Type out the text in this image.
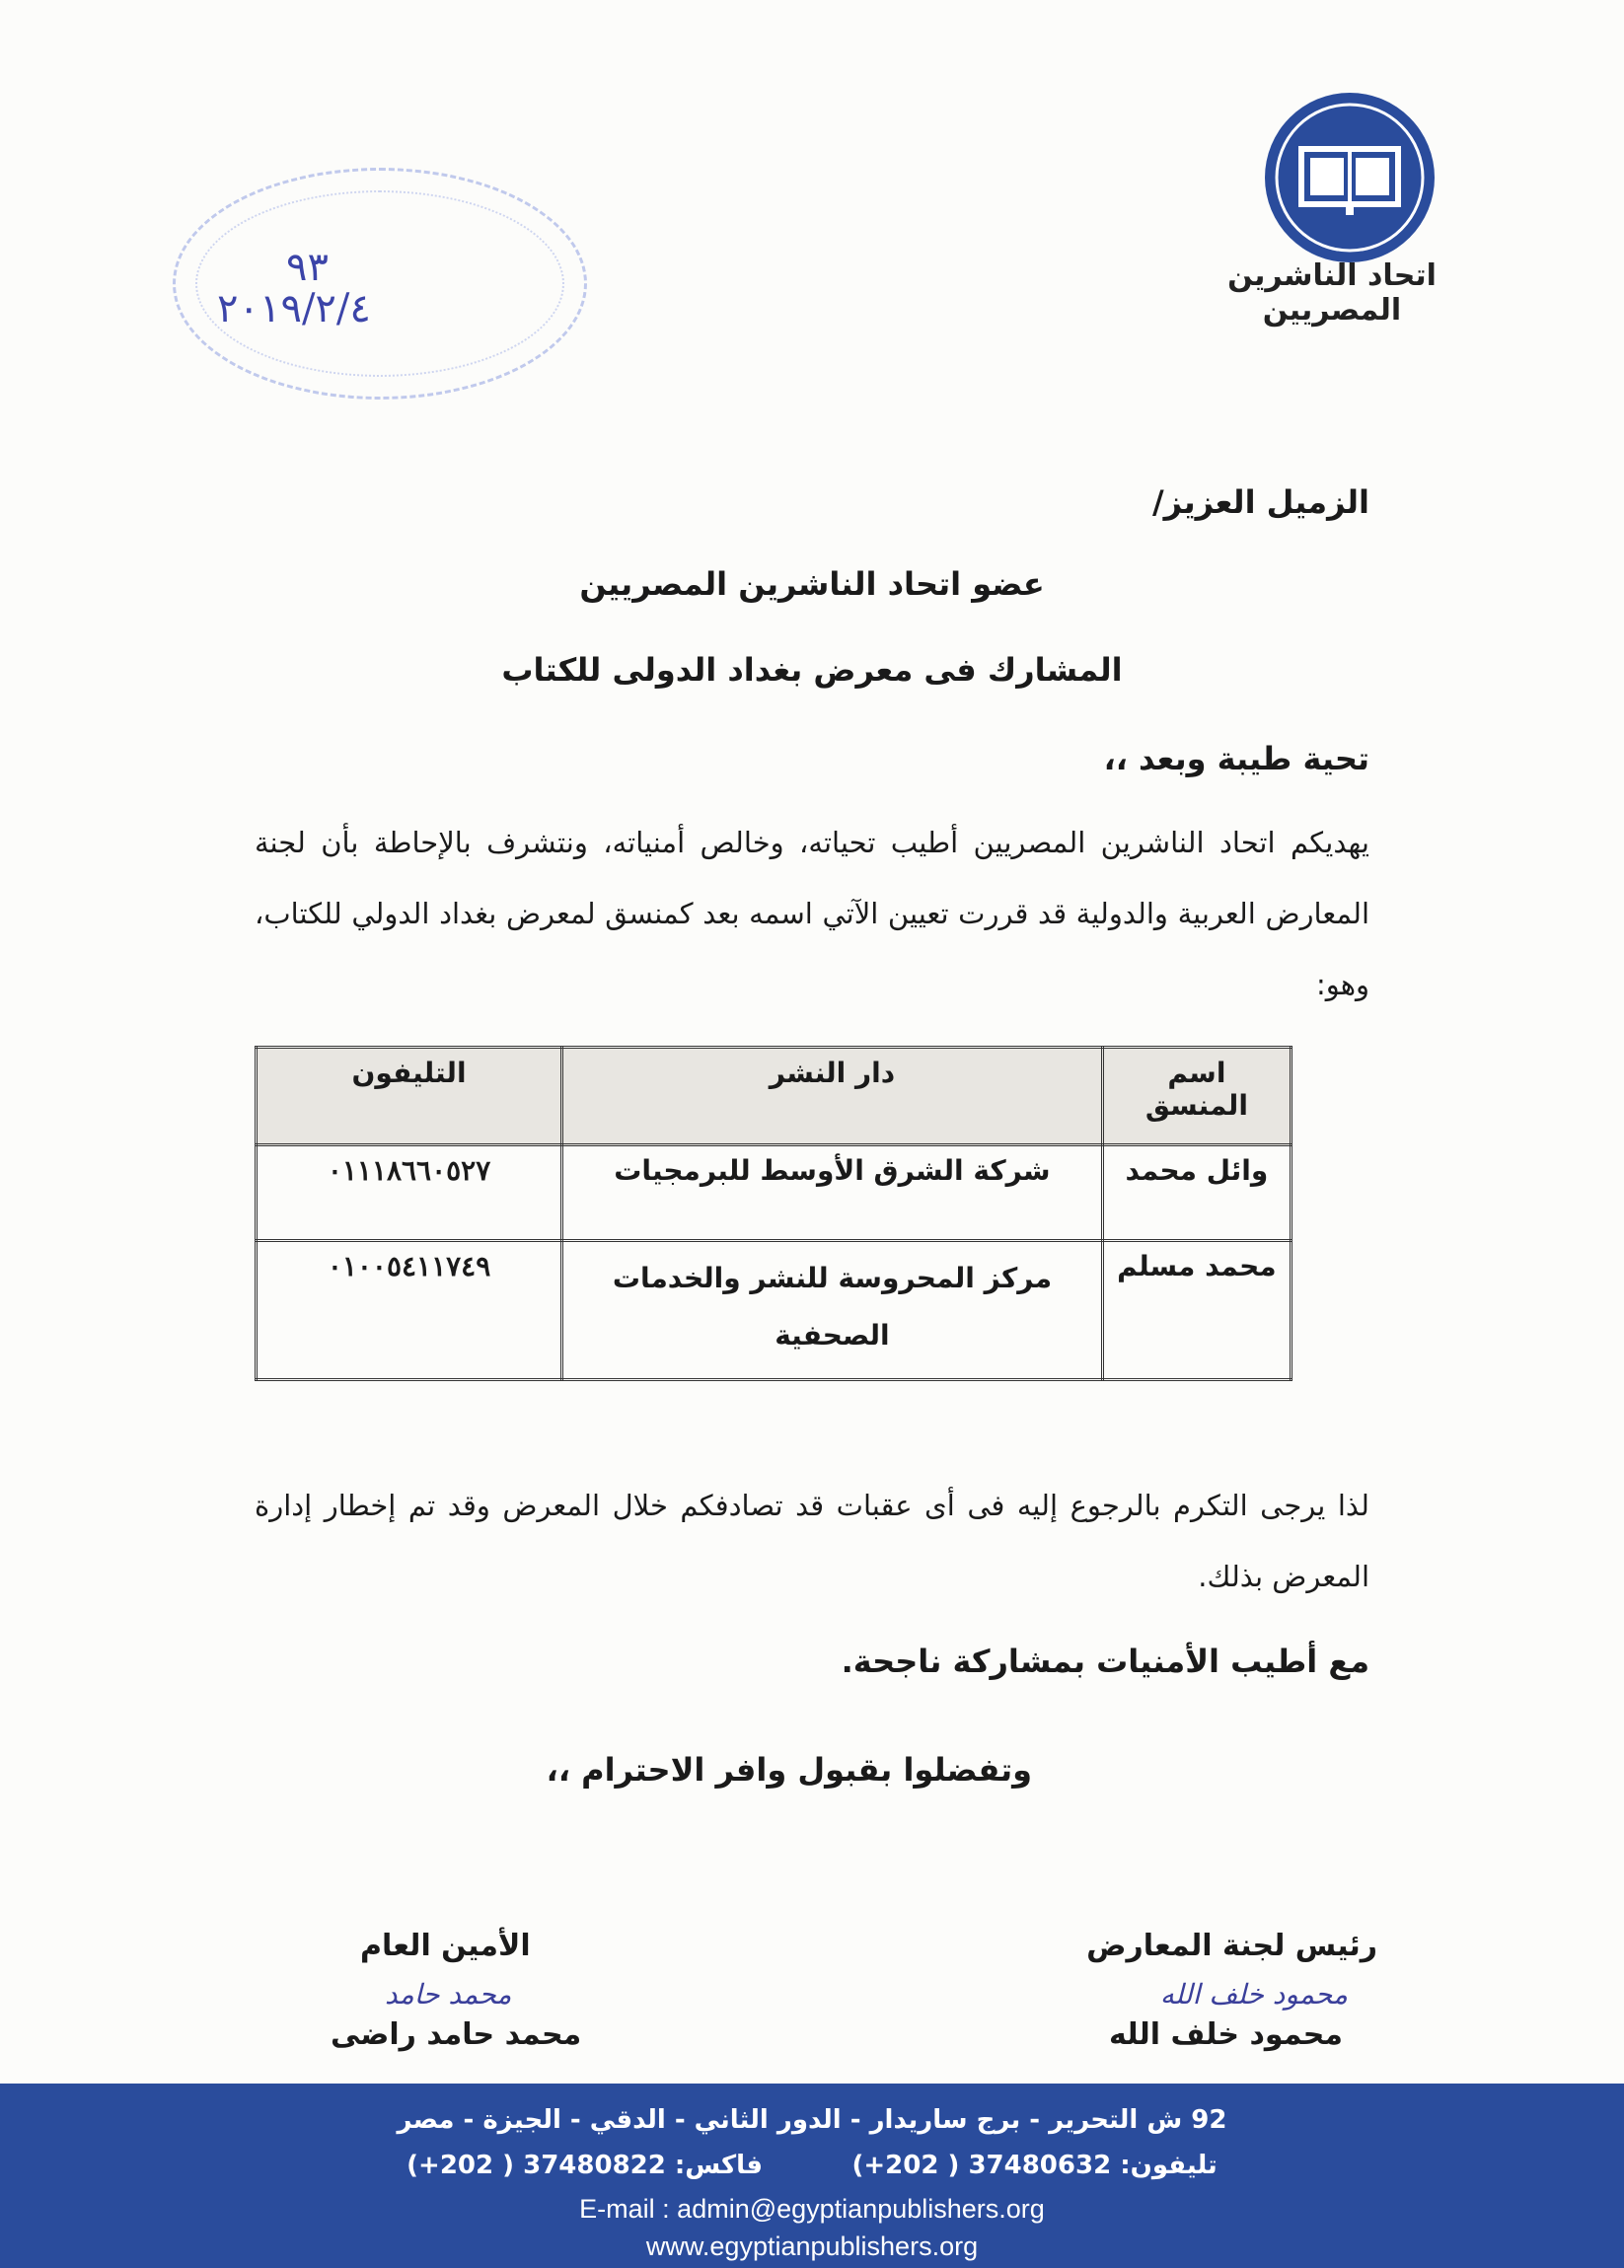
اتحاد الناشرين المصريين
٩٣
٢٠١٩/٢/٤
الزميل العزيز/
عضو اتحاد الناشرين المصريين
المشارك فى معرض بغداد الدولى للكتاب
تحية طيبة وبعد ،،
يهديكم اتحاد الناشرين المصريين أطيب تحياته، وخالص أمنياته، ونتشرف بالإحاطة بأن لجنة المعارض العربية والدولية قد قررت تعيين الآتي اسمه بعد كمنسق لمعرض بغداد الدولي للكتاب، وهو:
اسم المنسق	دار النشر	التليفون
وائل محمد	شركة الشرق الأوسط للبرمجيات	٠١١١٨٦٦٠٥٢٧
محمد مسلم	مركز المحروسة للنشر والخدمات الصحفية	٠١٠٠٥٤١١٧٤٩
لذا يرجى التكرم بالرجوع إليه فى أى عقبات قد تصادفكم خلال المعرض وقد تم إخطار إدارة المعرض بذلك.
مع أطيب الأمنيات بمشاركة ناجحة.
وتفضلوا بقبول وافر الاحترام ،،
رئيس لجنة المعارض
محمود خلف الله
محمود خلف الله
الأمين العام
محمد حامد
محمد حامد راضى
92 ش التحرير - برج ساريدار - الدور الثاني - الدقي - الجيزة - مصر
تليفون: 37480632 ( 202+)          فاكس: 37480822 ( 202+)
E-mail : admin@egyptianpublishers.org
www.egyptianpublishers.org
